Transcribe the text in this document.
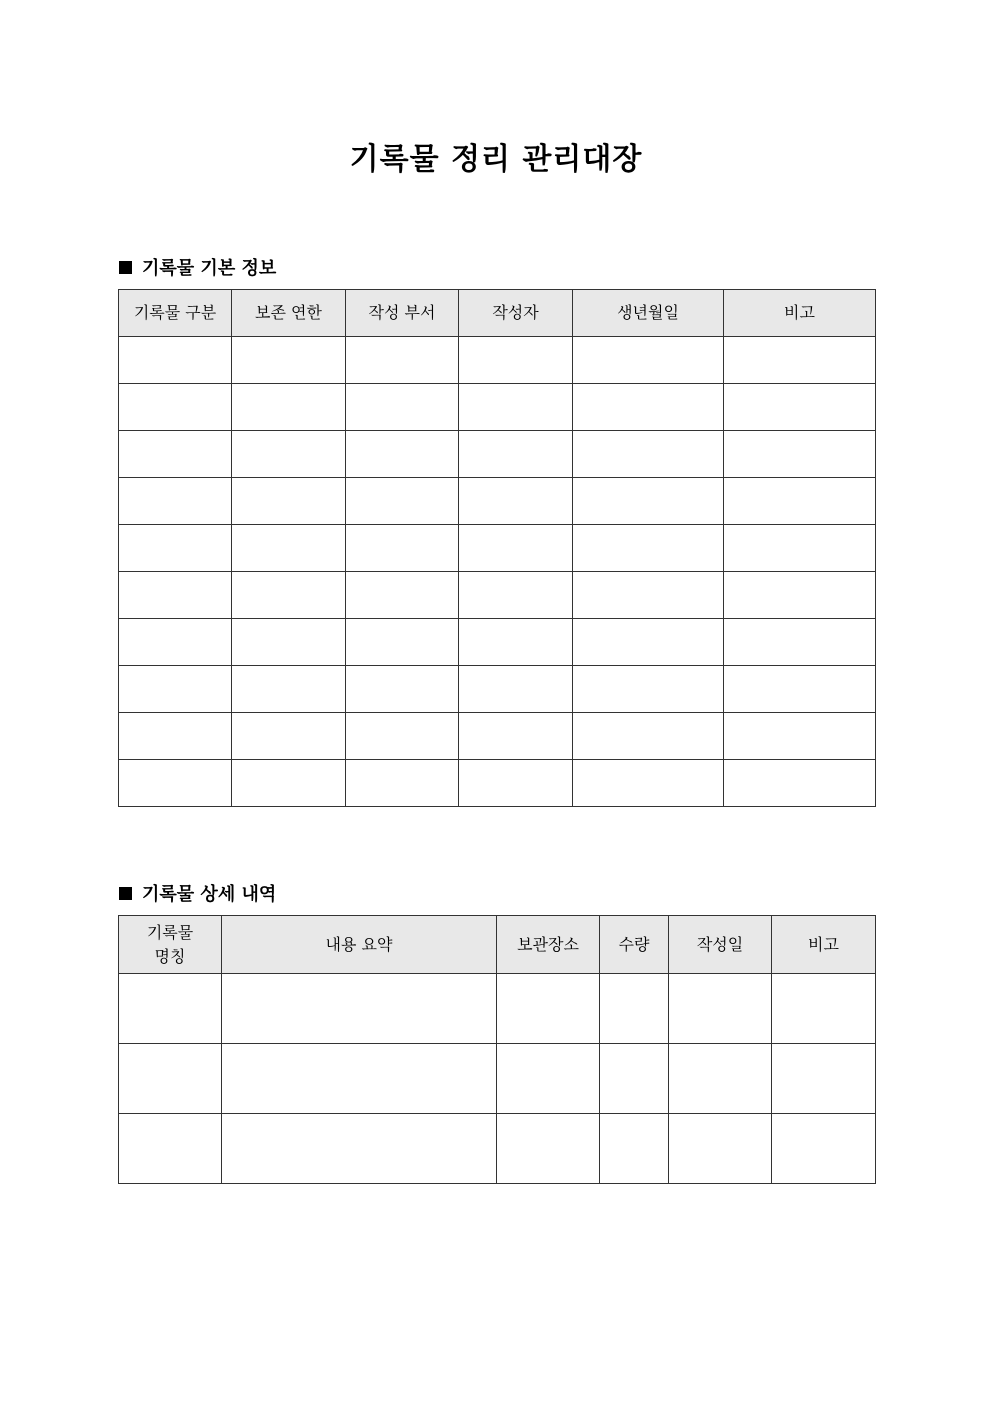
기록물 정리 관리대장
기록물 기본 정보
기록물 구분	보존 연한	작성 부서	작성자	생년월일	비고

기록물 상세 내역
기록물
명칭	내용 요약	보관장소	수량	작성일	비고
